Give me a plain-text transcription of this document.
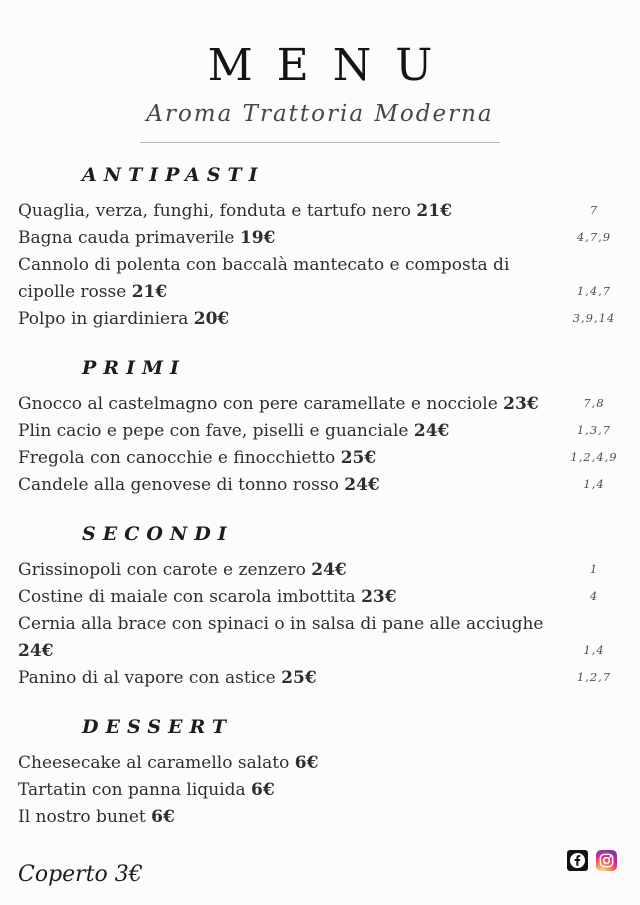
MENU

Aroma Trattoria Moderna

ANTIPASTI

Quaglia, verza, funghi, fonduta e tartufo nero 21€	7

Bagna cauda primaverile 19€	4,7,9

Cannolo di polenta con baccalà mantecato e composta di cipolle rosse 21€	1,4,7

Polpo in giardiniera 20€	3,9,14
PRIMI

Gnocco al castelmagno con pere caramellate e nocciole 23€	7,8

Plin cacio e pepe con fave, piselli e guanciale 24€	1,3,7

Fregola con canocchie e finocchietto 25€	1,2,4,9

Candele alla genovese di tonno rosso 24€	1,4
SECONDI

Grissinopoli con carote e zenzero 24€	1

Costine di maiale con scarola imbottita 23€	4

Cernia alla brace con spinaci o in salsa di pane alle acciughe 24€	1,4

Panino di al vapore con astice 25€	1,2,7
DESSERT

Cheesecake al caramello salato 6€

Tartatin con panna liquida 6€

Il nostro bunet 6€

Coperto 3€
